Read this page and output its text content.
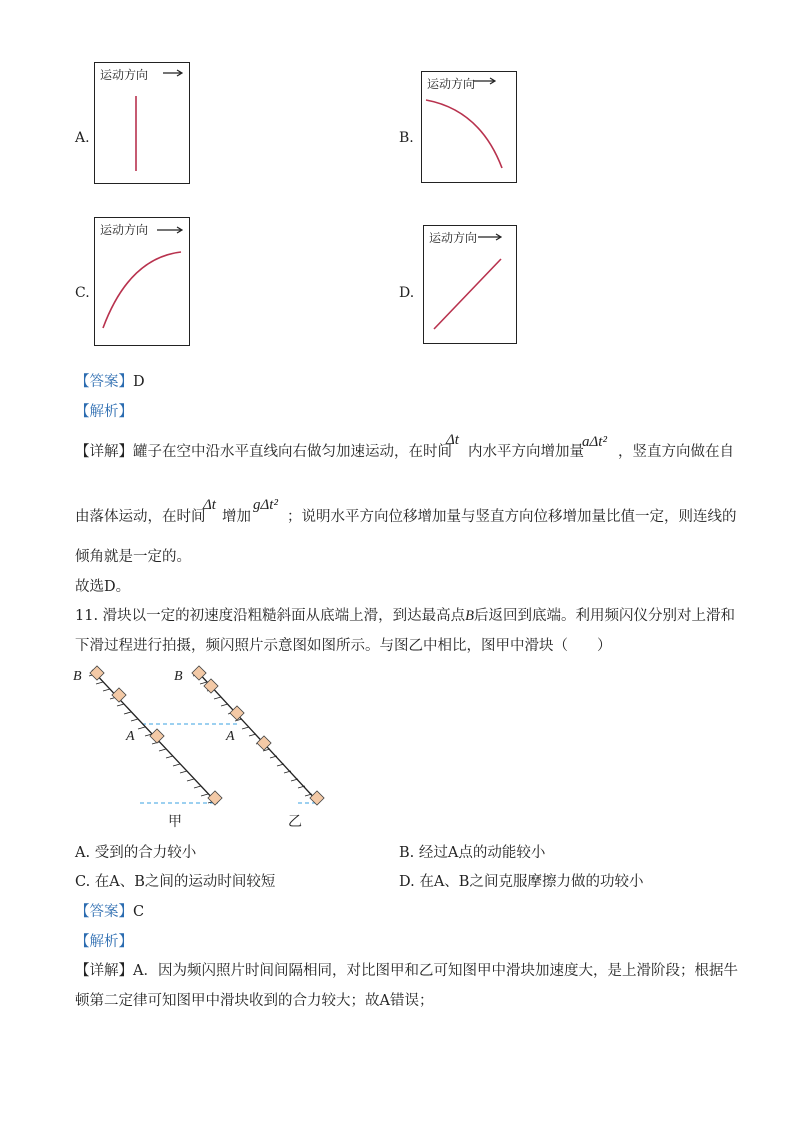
A.
运动方向
B.
运动方向
C.
运动方向
D.
运动方向
【答案】D
【解析】
【详解】罐子在空中沿水平直线向右做匀加速运动，在时间
Δt
内水平方向增加量
aΔt²
，竖直方向做在自
由落体运动，在时间
Δt
增加
gΔt²
；说明水平方向位移增加量与竖直方向位移增加量比值一定，则连线的
倾角就是一定的。
故选D。
11. 滑块以一定的初速度沿粗糙斜面从底端上滑，到达最高点B后返回到底端。利用频闪仪分别对上滑和
下滑过程进行拍摄，频闪照片示意图如图所示。与图乙中相比，图甲中滑块（　　）
B
A
B
A
甲	乙
A. 受到的合力较小	B. 经过A点的动能较小
C. 在A、B之间的运动时间较短	D. 在A、B之间克服摩擦力做的功较小
【答案】C
【解析】
【详解】A．因为频闪照片时间间隔相同，对比图甲和乙可知图甲中滑块加速度大，是上滑阶段；根据牛
顿第二定律可知图甲中滑块收到的合力较大；故A错误；
